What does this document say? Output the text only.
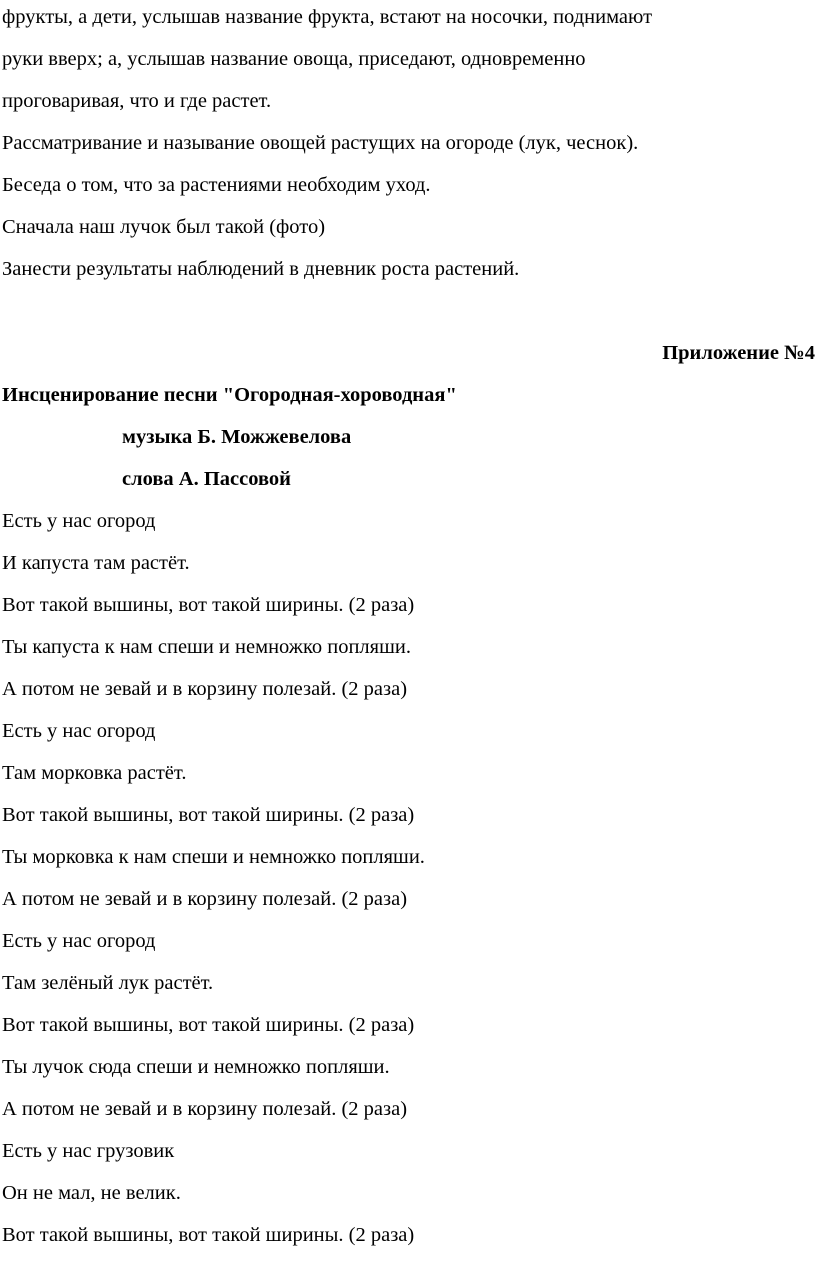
фрукты, а дети, услышав название фрукта, встают на носочки, поднимают
руки вверх; а, услышав название овоща, приседают, одновременно
проговаривая, что и где растет.
Рассматривание и называние овощей растущих на огороде (лук, чеснок).
Беседа о том, что за растениями необходим уход.
Сначала наш лучок был такой (фото)
Занести результаты наблюдений в дневник роста растений.
Приложение №4
Инсценирование песни "Огородная-хороводная"
музыка Б. Можжевелова
слова А. Пассовой
Есть у нас огород
И капуста там растёт.
Вот такой вышины, вот такой ширины. (2 раза)
Ты капуста к нам спеши и немножко попляши.
А потом не зевай и в корзину полезай. (2 раза)
Есть у нас огород
Там морковка растёт.
Вот такой вышины, вот такой ширины. (2 раза)
Ты морковка к нам спеши и немножко попляши.
А потом не зевай и в корзину полезай. (2 раза)
Есть у нас огород
Там зелёный лук растёт.
Вот такой вышины, вот такой ширины. (2 раза)
Ты лучок сюда спеши и немножко попляши.
А потом не зевай и в корзину полезай. (2 раза)
Есть у нас грузовик
Он не мал, не велик.
Вот такой вышины, вот такой ширины. (2 раза)
